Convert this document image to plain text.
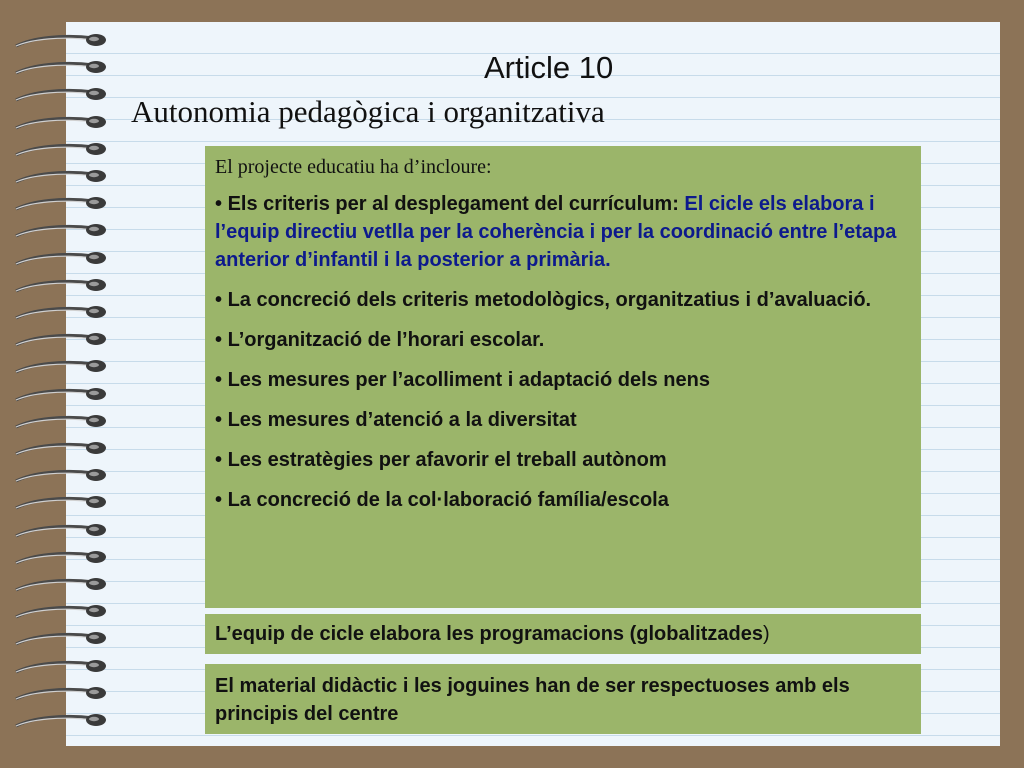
Article 10
Autonomia pedagògica i organitzativa
El projecte educatiu ha d’incloure:
• Els criteris per al desplegament del currículum: El cicle els elabora i l’equip directiu vetlla per la coherència i per la coordinació entre l’etapa anterior d’infantil i la posterior a primària.
• La concreció dels criteris metodològics, organitzatius i d’avaluació.
• L’organització de l’horari escolar.
• Les mesures per l’acolliment i adaptació dels nens
• Les mesures d’atenció a la diversitat
• Les estratègies per afavorir el treball autònom
• La concreció de la col·laboració família/escola
L’equip de cicle elabora les programacions (globalitzades)
El material didàctic i les joguines han de ser respectuoses amb els principis del centre
